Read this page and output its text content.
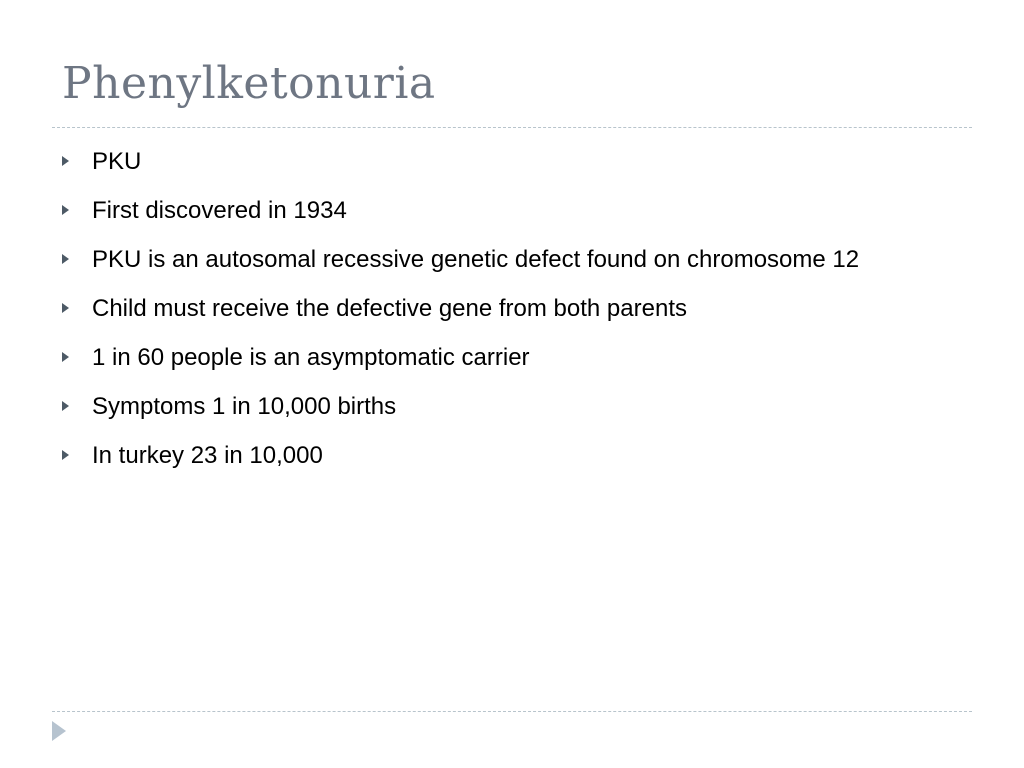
Phenylketonuria
PKU
First discovered in 1934
PKU is an autosomal recessive genetic defect found on chromosome 12
Child must receive the defective gene from both parents
1 in 60 people is an asymptomatic carrier
Symptoms 1 in 10,000 births
In turkey 23 in 10,000
